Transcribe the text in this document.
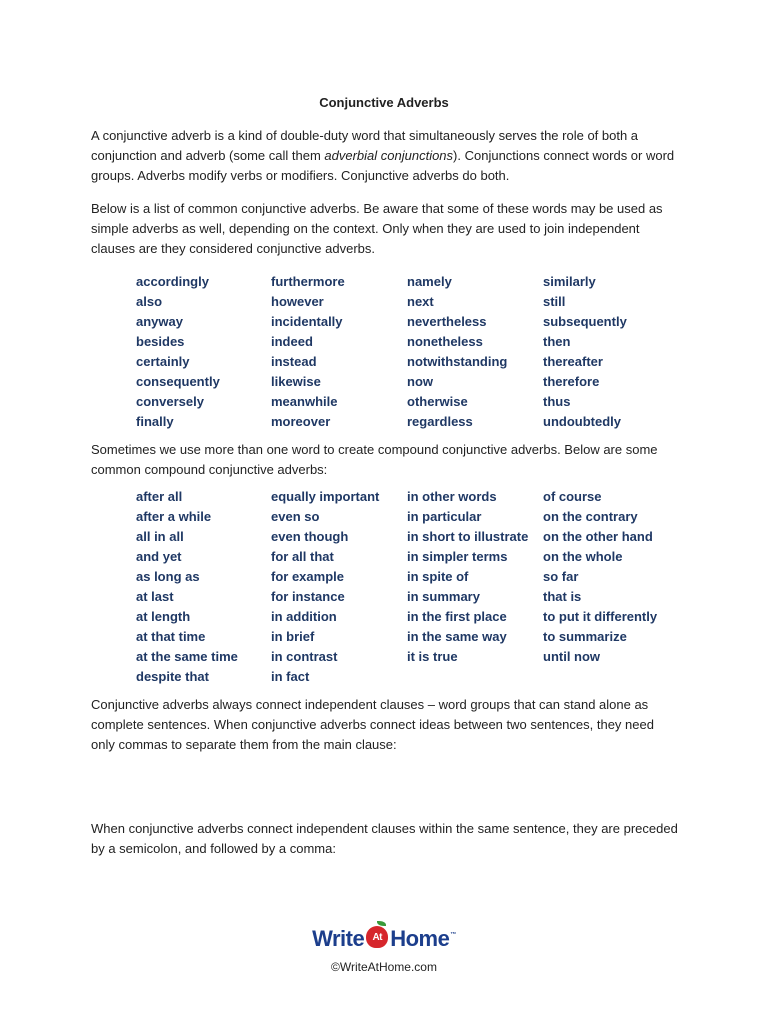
Conjunctive Adverbs

A conjunctive adverb is a kind of double-duty word that simultaneously serves the role of both a conjunction and adverb (some call them adverbial conjunctions). Conjunctions connect words or word groups. Adverbs modify verbs or modifiers. Conjunctive adverbs do both.

Below is a list of common conjunctive adverbs. Be aware that some of these words may be used as simple adverbs as well, depending on the context. Only when they are used to join independent clauses are they considered conjunctive adverbs.

accordingly	furthermore	namely	similarly
also	however	next	still
anyway	incidentally	nevertheless	subsequently
besides	indeed	nonetheless	then
certainly	instead	notwithstanding	thereafter
consequently	likewise	now	therefore
conversely	meanwhile	otherwise	thus
finally	moreover	regardless	undoubtedly

Sometimes we use more than one word to create compound conjunctive adverbs. Below are some common compound conjunctive adverbs:

after all	equally important	in other words	of course
after a while	even so	in particular	on the contrary
all in all	even though	in short to illustrate	on the other hand
and yet	for all that	in simpler terms	on the whole
as long as	for example	in spite of	so far
at last	for instance	in summary	that is
at length	in addition	in the first place	to put it differently
at that time	in brief	in the same way	to summarize
at the same time	in contrast	it is true	until now
despite that	in fact

Conjunctive adverbs always connect independent clauses – word groups that can stand alone as complete sentences. When conjunctive adverbs connect ideas between two sentences, they need only commas to separate them from the main clause:

When conjunctive adverbs connect independent clauses within the same sentence, they are preceded by a semicolon, and followed by a comma:

Write At Home ™
©WriteAtHome.com
